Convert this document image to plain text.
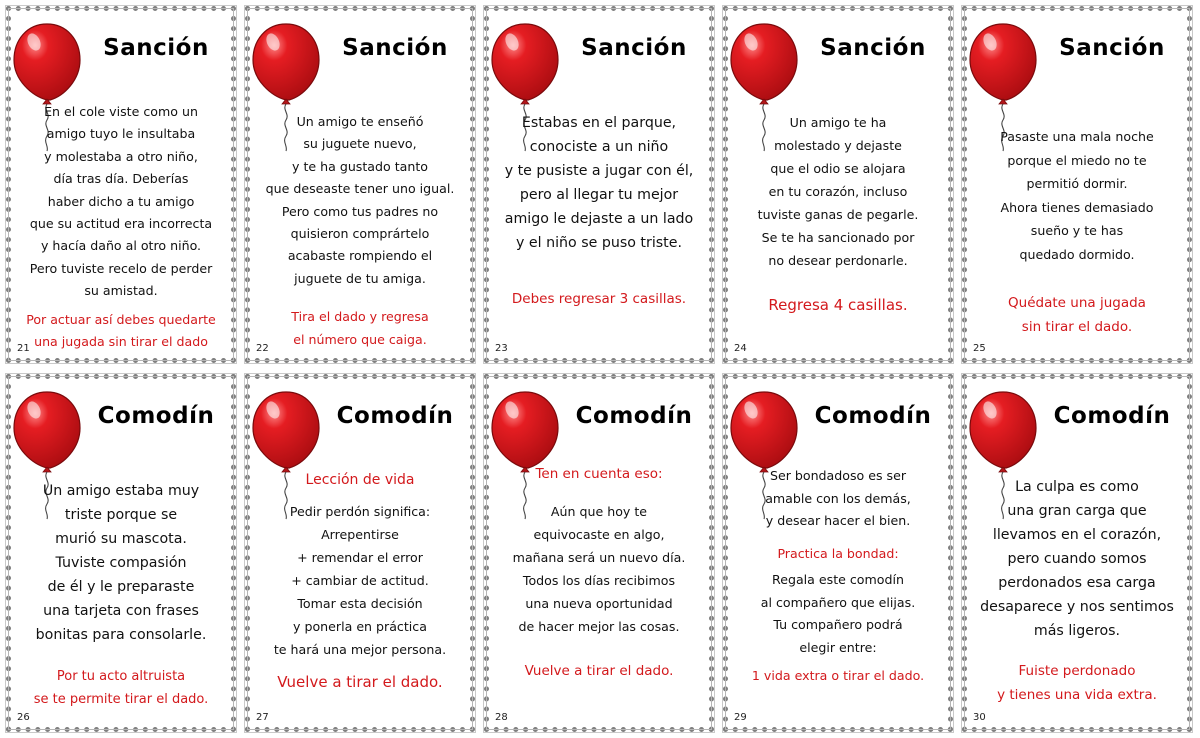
Sanción
En el cole viste como un
amigo tuyo le insultaba
y molestaba a otro niño,
día tras día. Deberías
haber dicho a tu amigo
que su actitud era incorrecta
y hacía daño al otro niño.
Pero tuviste recelo de perder
su amistad.
Por actuar así debes quedarte
una jugada sin tirar el dado
21
Sanción
Un amigo te enseñó
su juguete nuevo,
y te ha gustado tanto
que deseaste tener uno igual.
Pero como tus padres no
quisieron comprártelo
acabaste rompiendo el
juguete de tu amiga.
Tira el dado y regresa
el número que caiga.
22
Sanción
Estabas en el parque,
conociste a un niño
y te pusiste a jugar con él,
pero al llegar tu mejor
amigo le dejaste a un lado
y el niño se puso triste.
Debes regresar 3 casillas.
23
Sanción
Un amigo te ha
molestado y dejaste
que el odio se alojara
en tu corazón, incluso
tuviste ganas de pegarle.
Se te ha sancionado por
no desear perdonarle.
Regresa 4 casillas.
24
Sanción
Pasaste una mala noche
porque el miedo no te
permitió dormir.
Ahora tienes demasiado
sueño y te has
quedado dormido.
Quédate una jugada
sin tirar el dado.
25
Comodín
Un amigo estaba muy
triste porque se
murió su mascota.
Tuviste compasión
de él y le preparaste
una tarjeta con frases
bonitas para consolarle.
Por tu acto altruista
se te permite tirar el dado.
26
Comodín
Lección de vida
Pedir perdón significa:
Arrepentirse
+ remendar el error
+ cambiar de actitud.
Tomar esta decisión
y ponerla en práctica
te hará una mejor persona.
Vuelve a tirar el dado.
27
Comodín
Ten en cuenta eso:
Aún que hoy te
equivocaste en algo,
mañana será un nuevo día.
Todos los días recibimos
una nueva oportunidad
de hacer mejor las cosas.
Vuelve a tirar el dado.
28
Comodín
Ser bondadoso es ser
amable con los demás,
y desear hacer el bien.
Practica la bondad:
Regala este comodín
al compañero que elijas.
Tu compañero podrá
elegir entre:
1 vida extra o tirar el dado.
29
Comodín
La culpa es como
una gran carga que
llevamos en el corazón,
pero cuando somos
perdonados esa carga
desaparece y nos sentimos
más ligeros.
Fuiste perdonado
y tienes una vida extra.
30
